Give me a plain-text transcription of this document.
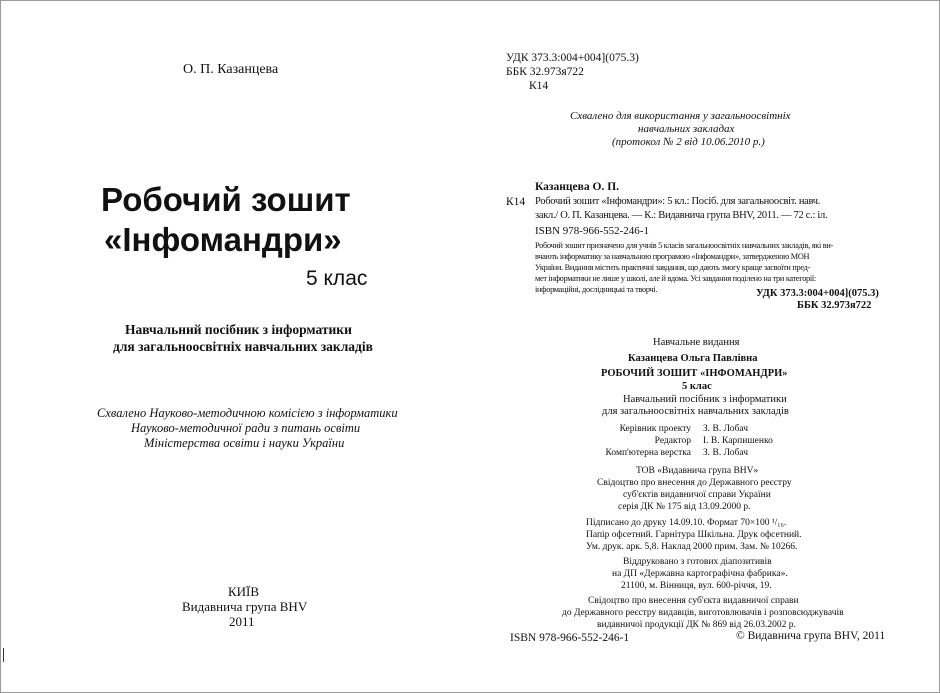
О. П. Казанцева
Робочий зошит
«Інфомандри»
5 клас
Навчальний посібник з інформатики
для загальноосвітніх навчальних закладів
Схвалено Науково-методичною комісією з інформатики
Науково-методичної ради з питань освіти
Міністерства освіти і науки України
КИЇВ
Видавнича група BHV
2011
УДК 373.3:004+004](075.3)
ББК 32.973я722
К14
Схвалено для використання у загальноосвітніх
навчальних закладах
(протокол № 2 від 10.06.2010 р.)
К14
Казанцева О. П.
Робочий зошит «Інфомандри»: 5 кл.: Посіб. для загальноосвіт. навч.
закл./ О. П. Казанцева. — К.: Видавнича група BHV, 2011. — 72 с.: іл.
ISBN 978-966-552-246-1
Робочий зошит призначено для учнів 5 класів загальноосвітніх навчальних закладів, які ви-
вчають інформатику за навчальною програмою «Інфомандри», затвердженою МОН
України. Видання містить практичні завдання, що дають змогу краще засвоїти пред-
мет інформатики не лише у школі, але й вдома. Усі завдання поділено на три категорії:
інформаційні, дослідницькі та творчі.	УДК 373.3:004+004](075.3)
ББК 32.973я722
Навчальне видання
Казанцева Ольга Павлівна
РОБОЧИЙ ЗОШИТ «ІНФОМАНДРИ»
5 клас
Навчальний посібник з інформатики
для загальноосвітніх навчальних закладів
Керівник проекту З. В. Лобач
Редактор І. В. Карпишенко
Комп'ютерна верстка З. В. Лобач
ТОВ «Видавнича група BHV»
Свідоцтво про внесення до Державного реєстру
суб'єктів видавничої справи України
серія ДК № 175 від 13.09.2000 р.
Підписано до друку 14.09.10. Формат 70×100 ¹/₁₆.
Папір офсетний. Гарнітура Шкільна. Друк офсетний.
Ум. друк. арк. 5,8. Наклад 2000 прим. Зам. № 10266.
Віддруковано з готових діапозитивів
на ДП «Державна картографічна фабрика».
21100, м. Вінниця, вул. 600-річчя, 19.
Свідоцтво про внесення суб'єкта видавничої справи
до Державного реєстру видавців, виготовлювачів і розповсюджувачів
видавничої продукції ДК № 869 від 26.03.2002 р.
ISBN 978-966-552-246-1	© Видавнича група BHV, 2011
